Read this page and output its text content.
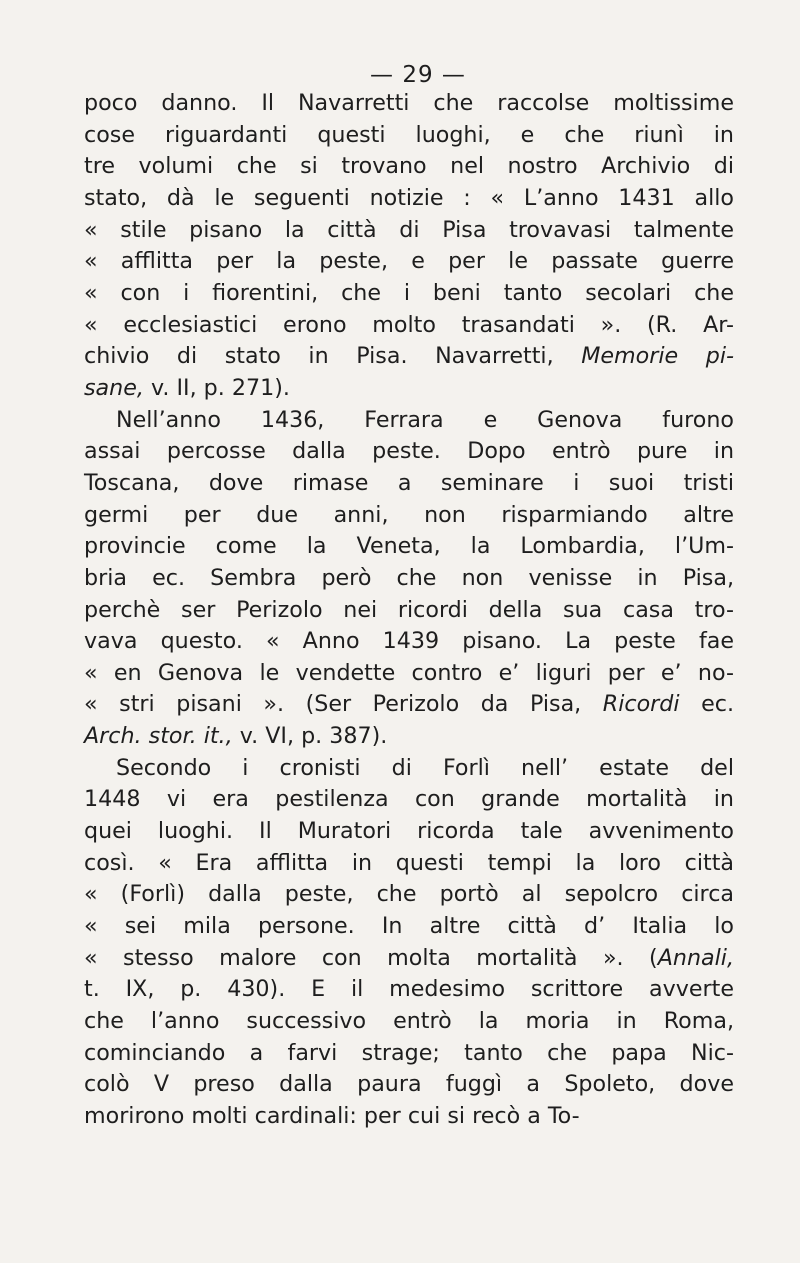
— 29 —
poco danno. Il Navarretti che raccolse moltissime
cose riguardanti questi luoghi, e che riunì in
tre volumi che si trovano nel nostro Archivio di
stato, dà le seguenti notizie : « L’anno 1431 allo
« stile pisano la città di Pisa trovavasi talmente
« afflitta per la peste, e per le passate guerre
« con i fiorentini, che i beni tanto secolari che
« ecclesiastici erono molto trasandati ». (R. Ar-
chivio di stato in Pisa. Navarretti, Memorie pi-
sane, v. II, p. 271).
Nell’anno 1436, Ferrara e Genova furono
assai percosse dalla peste. Dopo entrò pure in
Toscana, dove rimase a seminare i suoi tristi
germi per due anni, non risparmiando altre
provincie come la Veneta, la Lombardia, l’Um-
bria ec. Sembra però che non venisse in Pisa,
perchè ser Perizolo nei ricordi della sua casa tro-
vava questo. « Anno 1439 pisano. La peste fae
« en Genova le vendette contro e’ liguri per e’ no-
« stri pisani ». (Ser Perizolo da Pisa, Ricordi ec.
Arch. stor. it., v. VI, p. 387).
Secondo i cronisti di Forlì nell’ estate del
1448 vi era pestilenza con grande mortalità in
quei luoghi. Il Muratori ricorda tale avvenimento
così. « Era afflitta in questi tempi la loro città
« (Forlì) dalla peste, che portò al sepolcro circa
« sei mila persone. In altre città d’ Italia lo
« stesso malore con molta mortalità ». (Annali,
t. IX, p. 430). E il medesimo scrittore avverte
che l’anno successivo entrò la moria in Roma,
cominciando a farvi strage; tanto che papa Nic-
colò V preso dalla paura fuggì a Spoleto, dove
morirono molti cardinali: per cui si recò a To-
